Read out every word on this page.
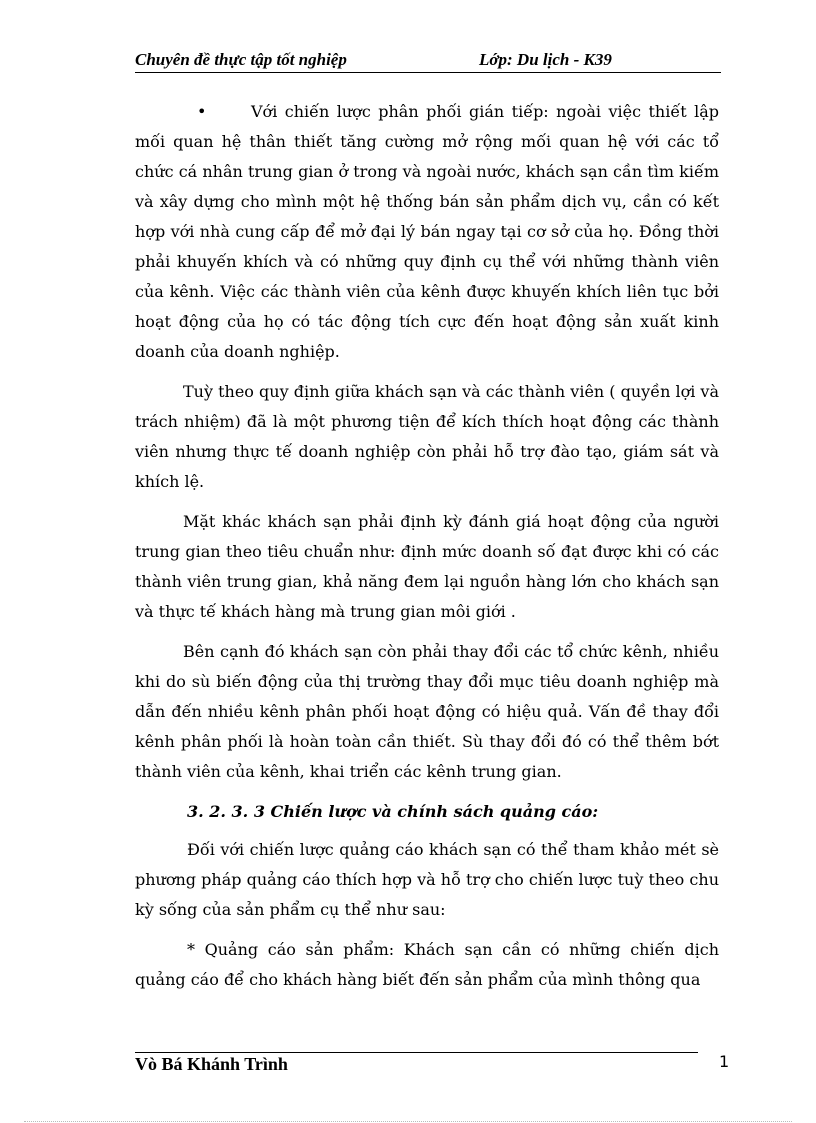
Chuyên đề thực tập tốt nghiệp	Lớp: Du lịch - K39

•	Với chiến lược phân phối gián tiếp: ngoài việc thiết lập mối quan hệ thân thiết tăng cường mở rộng mối quan hệ với các tổ chức cá nhân trung gian ở trong và ngoài nước, khách sạn cần tìm kiếm và xây dựng cho mình một hệ thống bán sản phẩm dịch vụ, cần có kết hợp với nhà cung cấp để mở đại lý bán ngay tại cơ sở của họ. Đồng thời phải khuyến khích và có những quy định cụ thể với những thành viên của kênh. Việc các thành viên của kênh được khuyến khích liên tục bởi hoạt động của họ có tác động tích cực đến hoạt động sản xuất kinh doanh của doanh nghiệp.

Tuỳ theo quy định giữa khách sạn và các thành viên ( quyền lợi và trách nhiệm) đã là một phương tiện để kích thích hoạt động các thành viên nhưng thực tế doanh nghiệp còn phải hỗ trợ đào tạo, giám sát và khích lệ.

Mặt khác khách sạn phải định kỳ đánh giá hoạt động của người trung gian theo tiêu chuẩn như: định mức doanh số đạt được khi có các thành viên trung gian, khả năng đem lại nguồn hàng lớn cho khách sạn và thực tế khách hàng mà trung gian môi giới .

Bên cạnh đó khách sạn còn phải thay đổi các tổ chức kênh, nhiều khi do sù biến động của thị trường thay đổi mục tiêu doanh nghiệp mà dẫn đến nhiều kênh phân phối hoạt động có hiệu quả. Vấn đề thay đổi kênh phân phối là hoàn toàn cần thiết. Sù thay đổi đó có thể thêm bớt thành viên của kênh, khai triển các kênh trung gian.

3. 2. 3. 3 Chiến lược và chính sách quảng cáo:

Đối với chiến lược quảng cáo khách sạn có thể tham khảo mét sè phương pháp quảng cáo thích hợp và hỗ trợ cho chiến lược tuỳ theo chu kỳ sống của sản phẩm cụ thể như sau:

* Quảng cáo sản phẩm: Khách sạn cần có những chiến dịch quảng cáo để cho khách hàng biết đến sản phẩm của mình thông qua

Vò Bá Khánh Trình	1
